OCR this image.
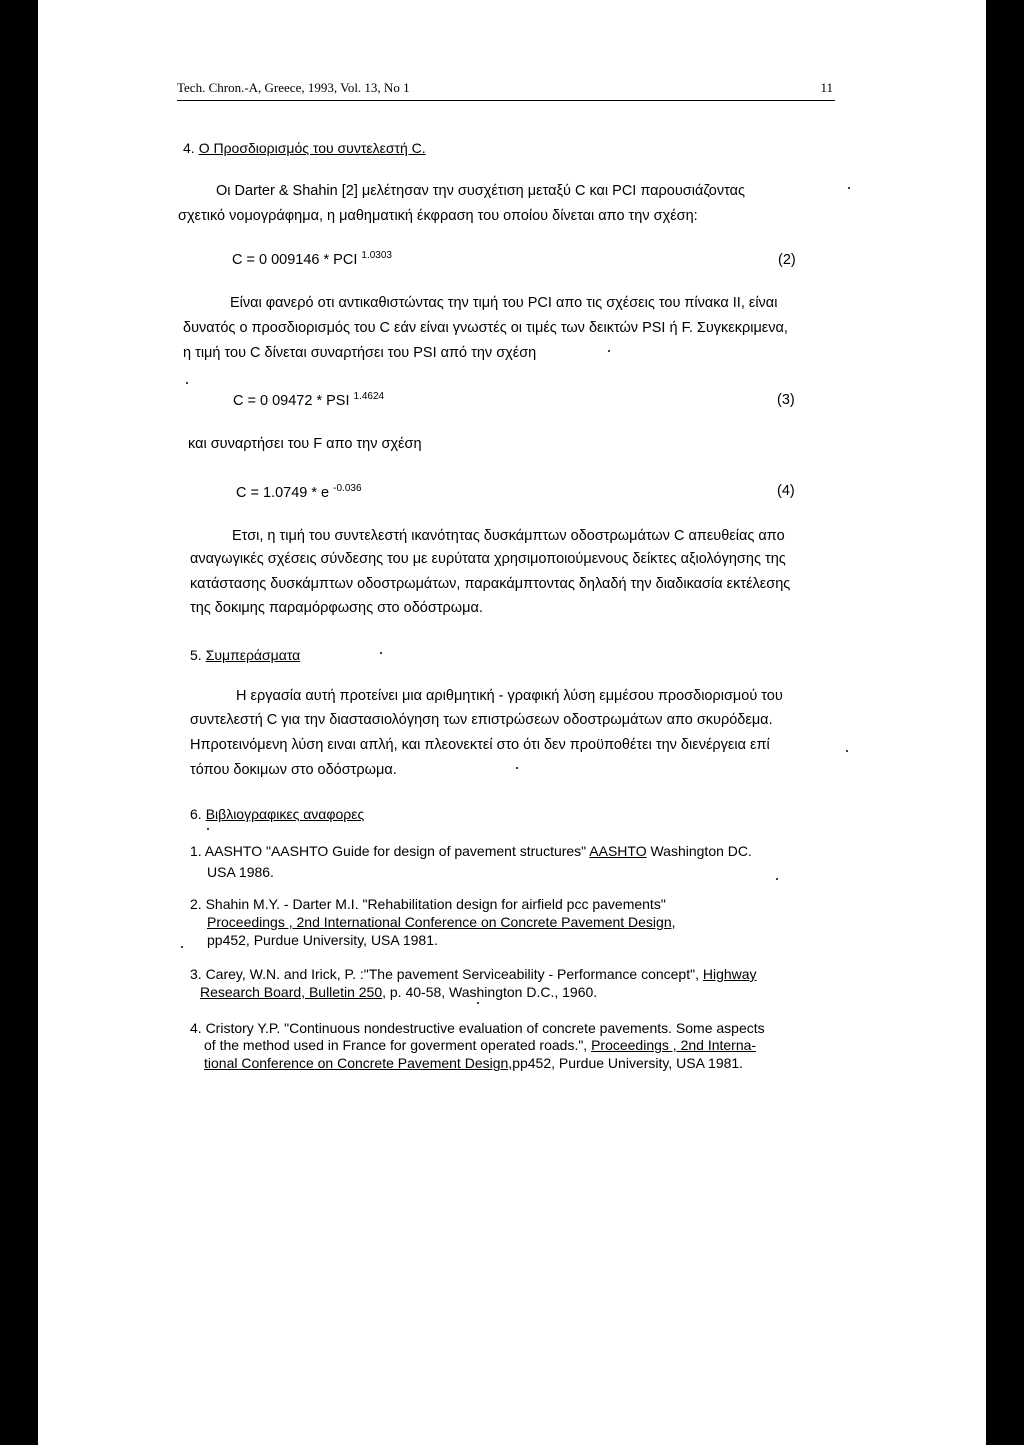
Tech. Chron.-A, Greece, 1993, Vol. 13, No 1	11
4. Ο Προσδιορισμός του συντελεστή C.
Οι Darter & Shahin [2] μελέτησαν την συσχέτιση μεταξύ C και PCI παρουσιάζοντας
σχετικό νομογράφημα, η μαθηματική έκφραση του οποίου δίνεται απο την σχέση:
C = 0 009146 * PCI $^{1.0303}$	(2)
Είναι φανερό οτι αντικαθιστώντας την τιμή του PCI απο τις σχέσεις του πίνακα II, είναι
δυνατός ο προσδιορισμός του C εάν είναι γνωστές οι τιμές των δεικτών PSI ή F. Συγκεκριμενα,
η τιμή του C δίνεται συναρτήσει του PSI από την σχέση
C = 0 09472 * PSI $^{1.4624}$	(3)
και συναρτήσει του F απο την σχέση
C = 1.0749 * e $^{-0.036}$	(4)
Ετσι, η τιμή του συντελεστή ικανότητας δυσκάμπτων οδοστρωμάτων C απευθείας απο
αναγωγικές σχέσεις σύνδεσης του με ευρύτατα χρησιμοποιούμενους δείκτες αξιολόγησης της
κατάστασης δυσκάμπτων οδοστρωμάτων, παρακάμπτοντας δηλαδή την διαδικασία εκτέλεσης
της δοκιμης παραμόρφωσης στο οδόστρωμα.
5. Συμπεράσματα
Η εργασία αυτή προτείνει μια αριθμητική - γραφική λύση εμμέσου προσδιορισμού του
συντελεστή C για την διαστασιολόγηση των επιστρώσεων οδοστρωμάτων απο σκυρόδεμα.
Ηπροτεινόμενη λύση ειναι απλή, και πλεονεκτεί στο ότι δεν προϋποθέτει την διενέργεια επί
τόπου δοκιμων στο οδόστρωμα.
6. Βιβλιογραφικες αναφορες
1. AASHTO "AASHTO Guide for design of pavement structures" AASHTO Washington DC.
USA 1986.
2. Shahin M.Y. - Darter M.I. "Rehabilitation design for airfield pcc pavements"
Proceedings , 2nd International Conference on Concrete Pavement Design,
pp452, Purdue University, USA 1981.
3. Carey, W.N. and Irick, P. :"The pavement Serviceability - Performance concept", Highway
Research Board, Bulletin 250, p. 40-58, Washington D.C., 1960.
4. Cristory Y.P. "Continuous nondestructive evaluation of concrete pavements. Some aspects
of the method used in France for goverment operated roads.", Proceedings , 2nd Interna-
tional Conference on Concrete Pavement Design,pp452, Purdue University, USA 1981.
